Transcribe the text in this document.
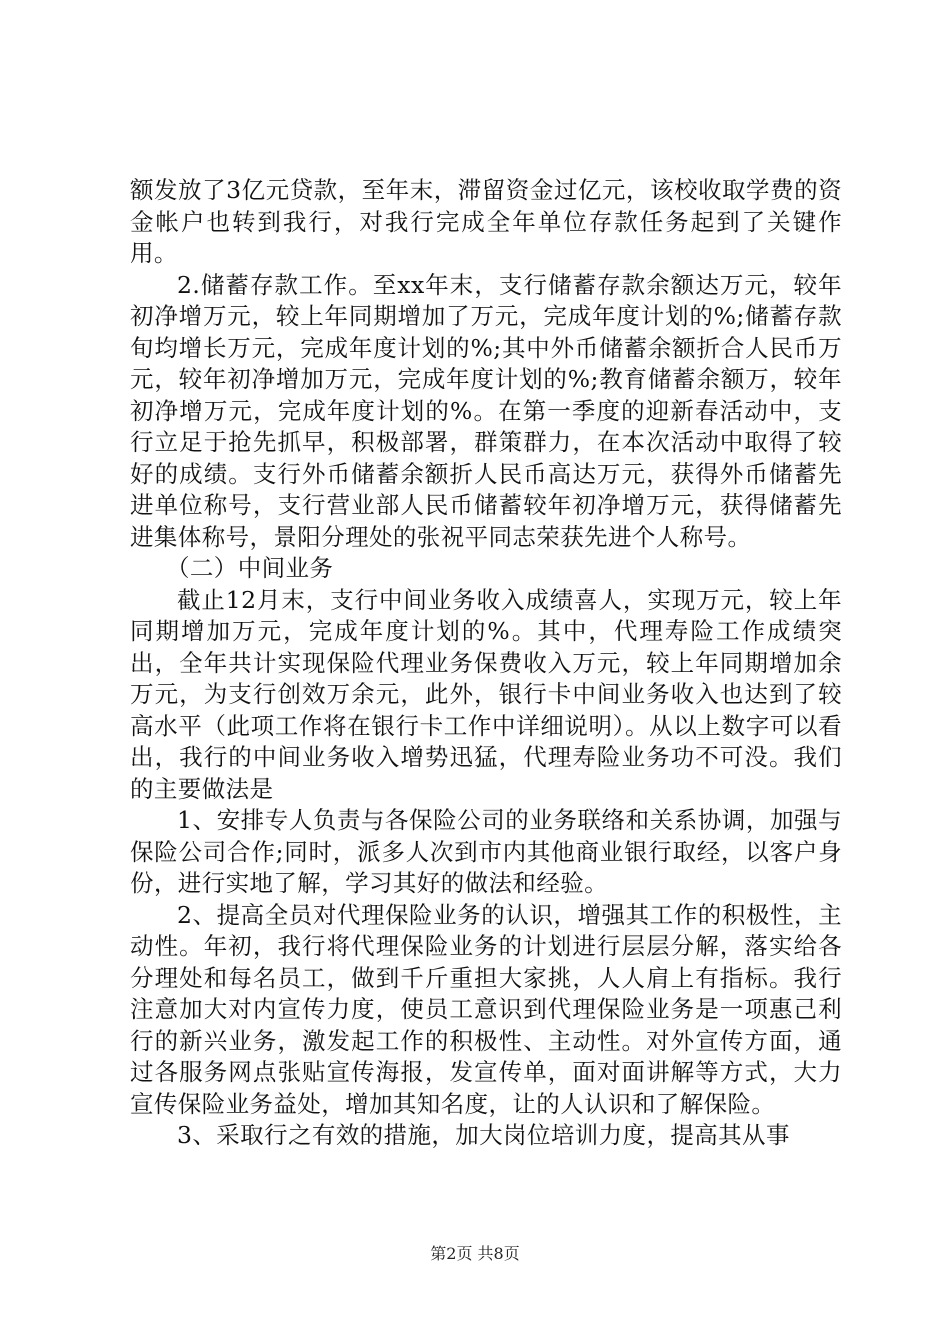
额发放了3亿元贷款，至年末，滞留资金过亿元，该校收取学费的资金帐户也转到我行，对我行完成全年单位存款任务起到了关键作用。

2.储蓄存款工作。至xx年末，支行储蓄存款余额达万元，较年初净增万元，较上年同期增加了万元，完成年度计划的%;储蓄存款旬均增长万元，完成年度计划的%;其中外币储蓄余额折合人民币万元，较年初净增加万元，完成年度计划的%;教育储蓄余额万，较年初净增万元，完成年度计划的%。在第一季度的迎新春活动中，支行立足于抢先抓早，积极部署，群策群力，在本次活动中取得了较好的成绩。支行外币储蓄余额折人民币高达万元，获得外币储蓄先进单位称号，支行营业部人民币储蓄较年初净增万元，获得储蓄先进集体称号，景阳分理处的张祝平同志荣获先进个人称号。

（二）中间业务

截止12月末，支行中间业务收入成绩喜人，实现万元，较上年同期增加万元，完成年度计划的%。其中，代理寿险工作成绩突出，全年共计实现保险代理业务保费收入万元，较上年同期增加余万元，为支行创效万余元，此外，银行卡中间业务收入也达到了较高水平（此项工作将在银行卡工作中详细说明）。从以上数字可以看出，我行的中间业务收入增势迅猛，代理寿险业务功不可没。我们的主要做法是

1、安排专人负责与各保险公司的业务联络和关系协调，加强与保险公司合作;同时，派多人次到市内其他商业银行取经，以客户身份，进行实地了解，学习其好的做法和经验。

2、提高全员对代理保险业务的认识，增强其工作的积极性，主动性。年初，我行将代理保险业务的计划进行层层分解，落实给各分理处和每名员工，做到千斤重担大家挑，人人肩上有指标。我行注意加大对内宣传力度，使员工意识到代理保险业务是一项惠己利行的新兴业务，激发起工作的积极性、主动性。对外宣传方面，通过各服务网点张贴宣传海报，发宣传单，面对面讲解等方式，大力宣传保险业务益处，增加其知名度，让的人认识和了解保险。

3、采取行之有效的措施，加大岗位培训力度，提高其从事

第2页 共8页
